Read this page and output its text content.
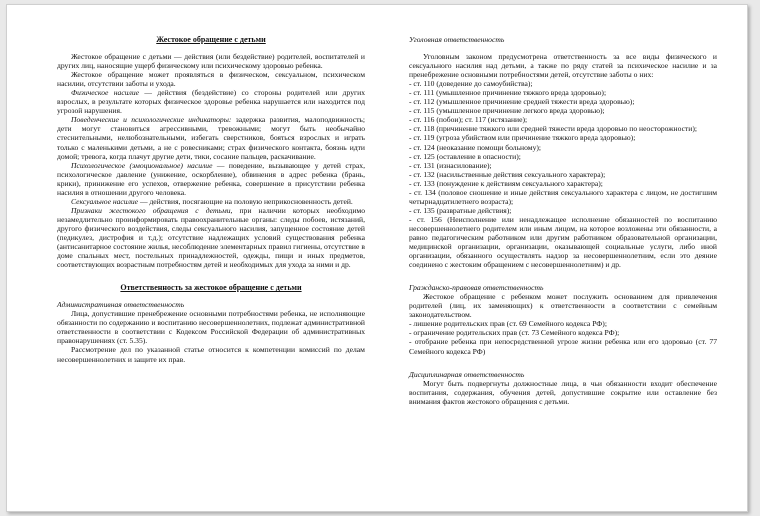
Жестокое обращение с детьми

Жестокое обращение с детьми — действия (или бездействие) родителей, воспитателей и других лиц, наносящие ущерб физическому или психическому здоровью ребенка.

Жестокое обращение может проявляться в физическом, сексуальном, психическом насилии, отсутствии заботы и ухода.

Физическое насилие — действия (бездействие) со стороны родителей или других взрослых, в результате которых физическое здоровье ребенка нарушается или находится под угрозой нарушения.

Поведенческие и психологические индикаторы: задержка развития, малоподвижность; дети могут становиться агрессивными, тревожными; могут быть необычайно стеснительными, нелюбознательными, избегать сверстников, бояться взрослых и играть только с маленькими детьми, а не с ровесниками; страх физического контакта, боязнь идти домой; тревога, когда плачут другие дети, тики, сосание пальцев, раскачивание.

Психологическое (эмоциональное) насилие — поведение, вызывающее у детей страх, психологическое давление (унижение, оскорбление), обвинения в адрес ребенка (брань, крики), принижение его успехов, отвержение ребенка, совершение в присутствии ребенка насилия в отношении другого человека.

Сексуальное насилие — действия, посягающие на половую неприкосновенность детей.

Признаки жестокого обращения с детьми, при наличии которых необходимо незамедлительно проинформировать правоохранительные органы: следы побоев, истязаний, другого физического воздействия, следы сексуального насилия, запущенное состояние детей (педикулез, дистрофия и т.д.); отсутствие надлежащих условий существования ребенка (антисанитарное состояние жилья, несоблюдение элементарных правил гигиены, отсутствие в доме спальных мест, постельных принадлежностей, одежды, пищи и иных предметов, соответствующих возрастным потребностям детей и необходимых для ухода за ними и др.

Ответственность за жестокое обращение с детьми

Административная ответственность

Лица, допустившие пренебрежение основными потребностями ребенка, не исполняющие обязанности по содержанию и воспитанию несовершеннолетних, подлежат административной ответственности в соответствии с Кодексом Российской Федерации об административных правонарушениях (ст. 5.35).

Рассмотрение дел по указанной статье относится к компетенции комиссий по делам несовершеннолетних и защите их прав.

Уголовная ответственность

Уголовным законом предусмотрена ответственность за все виды физического и сексуального насилия над детьми, а также по ряду статей за психическое насилие и за пренебрежение основными потребностями детей, отсутствие заботы о них:

- ст. 110 (доведение до самоубийства);

- ст. 111 (умышленное причинение тяжкого вреда здоровью);

- ст. 112 (умышленное причинение средней тяжести вреда здоровью);

- ст. 115 (умышленное причинение легкого вреда здоровью);

- ст. 116 (побои); ст. 117 (истязание);

- ст. 118 (причинение тяжкого или средней тяжести вреда здоровью по неосторожности);

- ст. 119 (угроза убийством или причинение тяжкого вреда здоровью);

- ст. 124 (неоказание помощи больному);

- ст. 125 (оставление в опасности);

- ст. 131 (изнасилование);

- ст. 132 (насильственные действия сексуального характера);

- ст. 133 (понуждение к действиям сексуального характера);

- ст. 134 (половое сношение и иные действия сексуального характера с лицом, не достигшим четырнадцатилетнего возраста);

- ст. 135 (развратные действия);

- ст. 156 (Неисполнение или ненадлежащее исполнение обязанностей по воспитанию несовершеннолетнего родителем или иным лицом, на которое возложены эти обязанности, а равно педагогическим работником или другим работником образовательной организации, медицинской организации, организации, оказывающей социальные услуги, либо иной организации, обязанного осуществлять надзор за несовершеннолетним, если это деяние соединено с жестоким обращением с несовершеннолетним) и др.

Гражданско-правовая ответственность

Жестокое обращение с ребенком может послужить основанием для привлечения родителей (лиц, их заменяющих) к ответственности в соответствии с семейным законодательством.

- лишение родительских прав (ст. 69 Семейного кодекса РФ);

- ограничение родительских прав (ст. 73 Семейного кодекса РФ);

- отобрание ребенка при непосредственной угрозе жизни ребенка или его здоровью (ст. 77 Семейного кодекса РФ)

Дисциплинарная ответственность

Могут быть подвергнуты должностные лица, в чьи обязанности входит обеспечение воспитания, содержания, обучения детей, допустившие сокрытие или оставление без внимания фактов жестокого обращения с детьми.
